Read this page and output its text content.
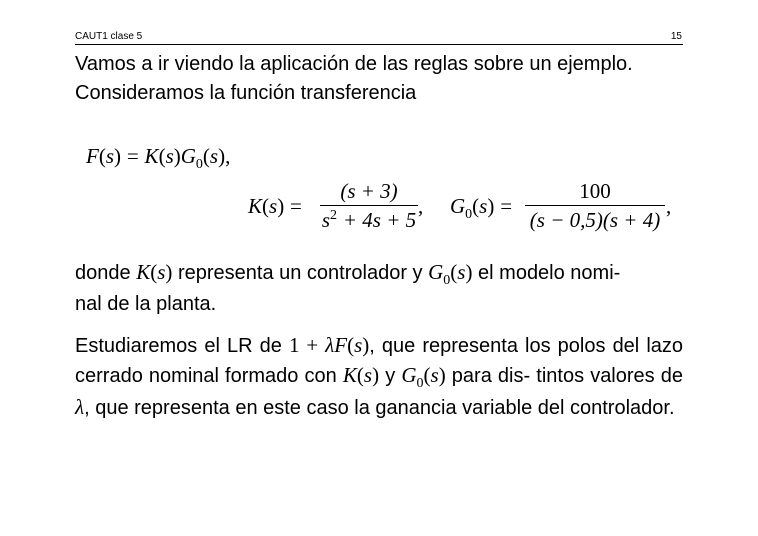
CAUT1 clase 5	15
Vamos a ir viendo la aplicación de las reglas sobre un ejemplo.
Consideramos la función transferencia
$F(s) = K(s)G_0(s)$,
K(s) =
(s + 3)
$s^2 + 4s + 5$
, $G_0(s)$ =
100
(s − 0,5)(s + 4)
,
donde K(s) representa un controlador y $G_0(s)$ el modelo nomi-
nal de la planta.
Estudiaremos el LR de 1 + λF(s), que representa los polos del lazo cerrado nominal formado con K(s) y $G_0(s)$ para dis- tintos valores de λ, que representa en este caso la ganancia variable del controlador.
